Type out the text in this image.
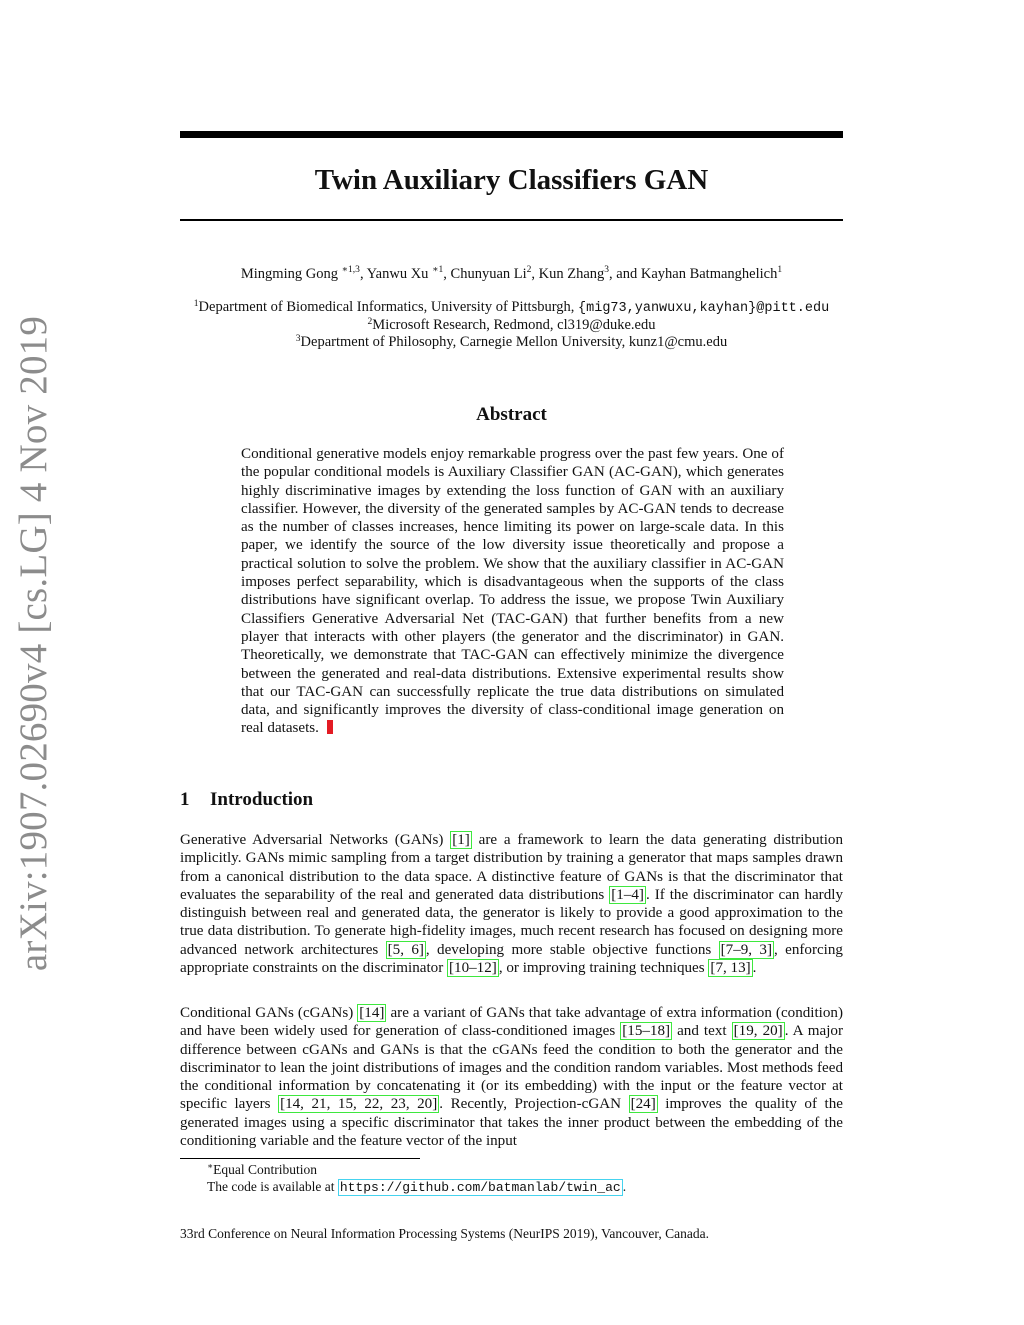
arXiv:1907.02690v4 [cs.LG] 4 Nov 2019
Twin Auxiliary Classifiers GAN
Mingming Gong $^{∗1,3}$, Yanwu Xu $^{∗1}$, Chunyuan Li$^2$, Kun Zhang$^3$, and Kayhan Batmanghelich$^1$
$^1$Department of Biomedical Informatics, University of Pittsburgh, {mig73,yanwuxu,kayhan}@pitt.edu
$^2$Microsoft Research, Redmond, cl319@duke.edu
$^3$Department of Philosophy, Carnegie Mellon University, kunz1@cmu.edu
Abstract
Conditional generative models enjoy remarkable progress over the past few years. One of the popular conditional models is Auxiliary Classifier GAN (AC-GAN), which generates highly discriminative images by extending the loss function of GAN with an auxiliary classifier. However, the diversity of the generated samples by AC-GAN tends to decrease as the number of classes increases, hence limiting its power on large-scale data. In this paper, we identify the source of the low diversity issue theoretically and propose a practical solution to solve the problem. We show that the auxiliary classifier in AC-GAN imposes perfect separability, which is disadvantageous when the supports of the class distributions have significant overlap. To address the issue, we propose Twin Auxiliary Classifiers Generative Adversarial Net (TAC-GAN) that further benefits from a new player that interacts with other players (the generator and the discriminator) in GAN. Theoretically, we demonstrate that TAC-GAN can effectively minimize the divergence between the generated and real-data distributions. Extensive experimental results show that our TAC-GAN can successfully replicate the true data distributions on simulated data, and significantly improves the diversity of class-conditional image generation on real datasets.
1 Introduction

Generative Adversarial Networks (GANs) [1] are a framework to learn the data generating distribution implicitly. GANs mimic sampling from a target distribution by training a generator that maps samples drawn from a canonical distribution to the data space. A distinctive feature of GANs is that the discriminator that evaluates the separability of the real and generated data distributions [1–4] . If the discriminator can hardly distinguish between real and generated data, the generator is likely to provide a good approximation to the true data distribution. To generate high-fidelity images, much recent research has focused on designing more advanced network architectures [5, 6] , developing more stable objective functions [7–9, 3] , enforcing appropriate constraints on the discriminator [10–12] , or improving training techniques [7, 13] .

Conditional GANs (cGANs) [14] are a variant of GANs that take advantage of extra information (condition) and have been widely used for generation of class-conditioned images [15–18] and text [19, 20] . A major difference between cGANs and GANs is that the cGANs feed the condition to both the generator and the discriminator to lean the joint distributions of images and the condition random variables. Most methods feed the conditional information by concatenating it (or its embedding) with the input or the feature vector at specific layers [14, 21, 15, 22, 23, 20] . Recently, Projection-cGAN [24] improves the quality of the generated images using a specific discriminator that takes the inner product between the embedding of the conditioning variable and the feature vector of the input

∗Equal Contribution
The code is available at https://github.com/batmanlab/twin_ac .
33rd Conference on Neural Information Processing Systems (NeurIPS 2019), Vancouver, Canada.
